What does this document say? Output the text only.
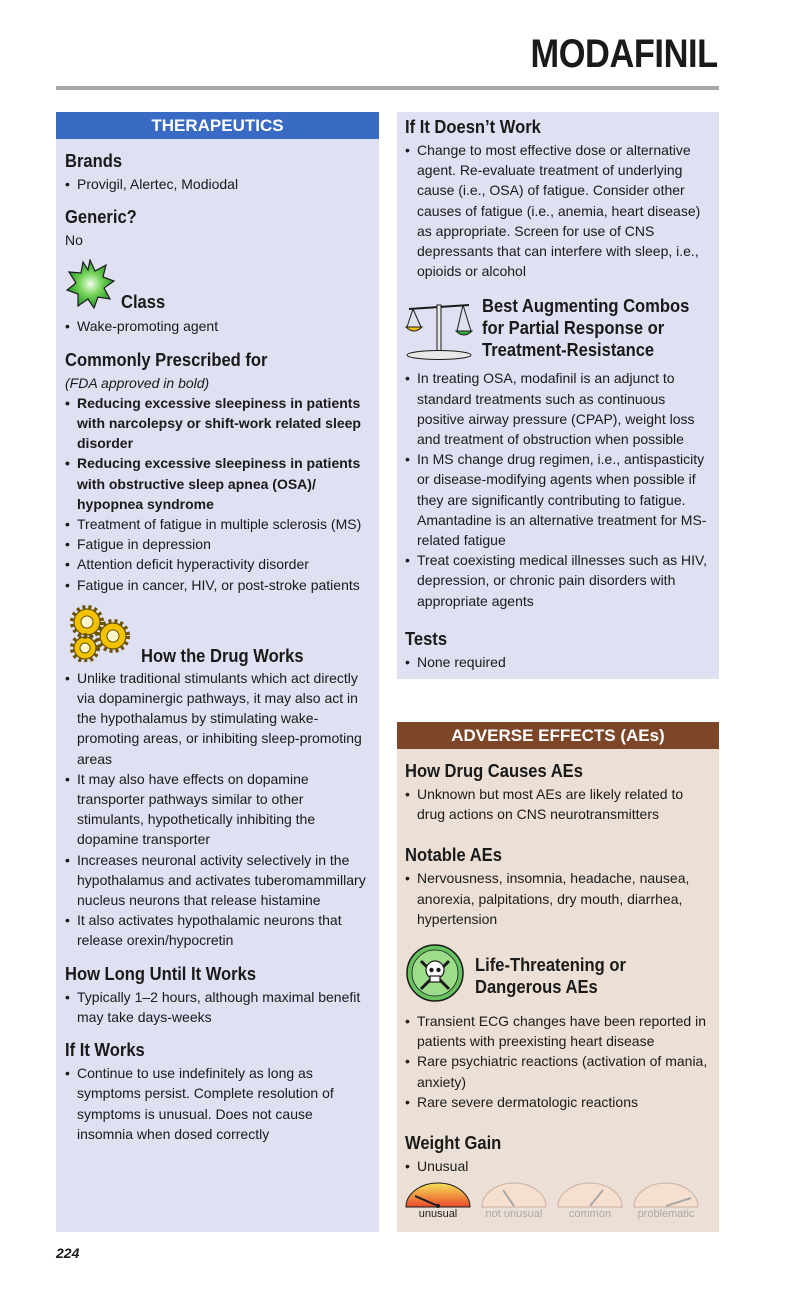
MODAFINIL
THERAPEUTICS
Brands
• Provigil, Alertec, Modiodal
Generic?
No
Class
• Wake-promoting agent
Commonly Prescribed for
(FDA approved in bold)
• Reducing excessive sleepiness in patients with narcolepsy or shift-work related sleep disorder
• Reducing excessive sleepiness in patients with obstructive sleep apnea (OSA)/ hypopnea syndrome
• Treatment of fatigue in multiple sclerosis (MS)
• Fatigue in depression
• Attention deficit hyperactivity disorder
• Fatigue in cancer, HIV, or post-stroke patients
How the Drug Works
• Unlike traditional stimulants which act directly via dopaminergic pathways, it may also act in the hypothalamus by stimulating wake-promoting areas, or inhibiting sleep-promoting areas
• It may also have effects on dopamine transporter pathways similar to other stimulants, hypothetically inhibiting the dopamine transporter
• Increases neuronal activity selectively in the hypothalamus and activates tuberomammillary nucleus neurons that release histamine
• It also activates hypothalamic neurons that release orexin/hypocretin
How Long Until It Works
• Typically 1–2 hours, although maximal benefit may take days-weeks
If It Works
• Continue to use indefinitely as long as symptoms persist. Complete resolution of symptoms is unusual. Does not cause insomnia when dosed correctly
If It Doesn’t Work
• Change to most effective dose or alternative agent. Re-evaluate treatment of underlying cause (i.e., OSA) of fatigue. Consider other causes of fatigue (i.e., anemia, heart disease) as appropriate. Screen for use of CNS depressants that can interfere with sleep, i.e., opioids or alcohol
Best Augmenting Combos
for Partial Response or
Treatment-Resistance
• In treating OSA, modafinil is an adjunct to standard treatments such as continuous positive airway pressure (CPAP), weight loss and treatment of obstruction when possible
• In MS change drug regimen, i.e., antispasticity or disease-modifying agents when possible if they are significantly contributing to fatigue. Amantadine is an alternative treatment for MS-related fatigue
• Treat coexisting medical illnesses such as HIV, depression, or chronic pain disorders with appropriate agents
Tests
• None required
ADVERSE EFFECTS (AEs)
How Drug Causes AEs
• Unknown but most AEs are likely related to drug actions on CNS neurotransmitters
Notable AEs
• Nervousness, insomnia, headache, nausea, anorexia, palpitations, dry mouth, diarrhea, hypertension
Life-Threatening or
Dangerous AEs
• Transient ECG changes have been reported in patients with preexisting heart disease
• Rare psychiatric reactions (activation of mania, anxiety)
• Rare severe dermatologic reactions
Weight Gain
• Unusual
unusual	not unusual	common	problematic
224
